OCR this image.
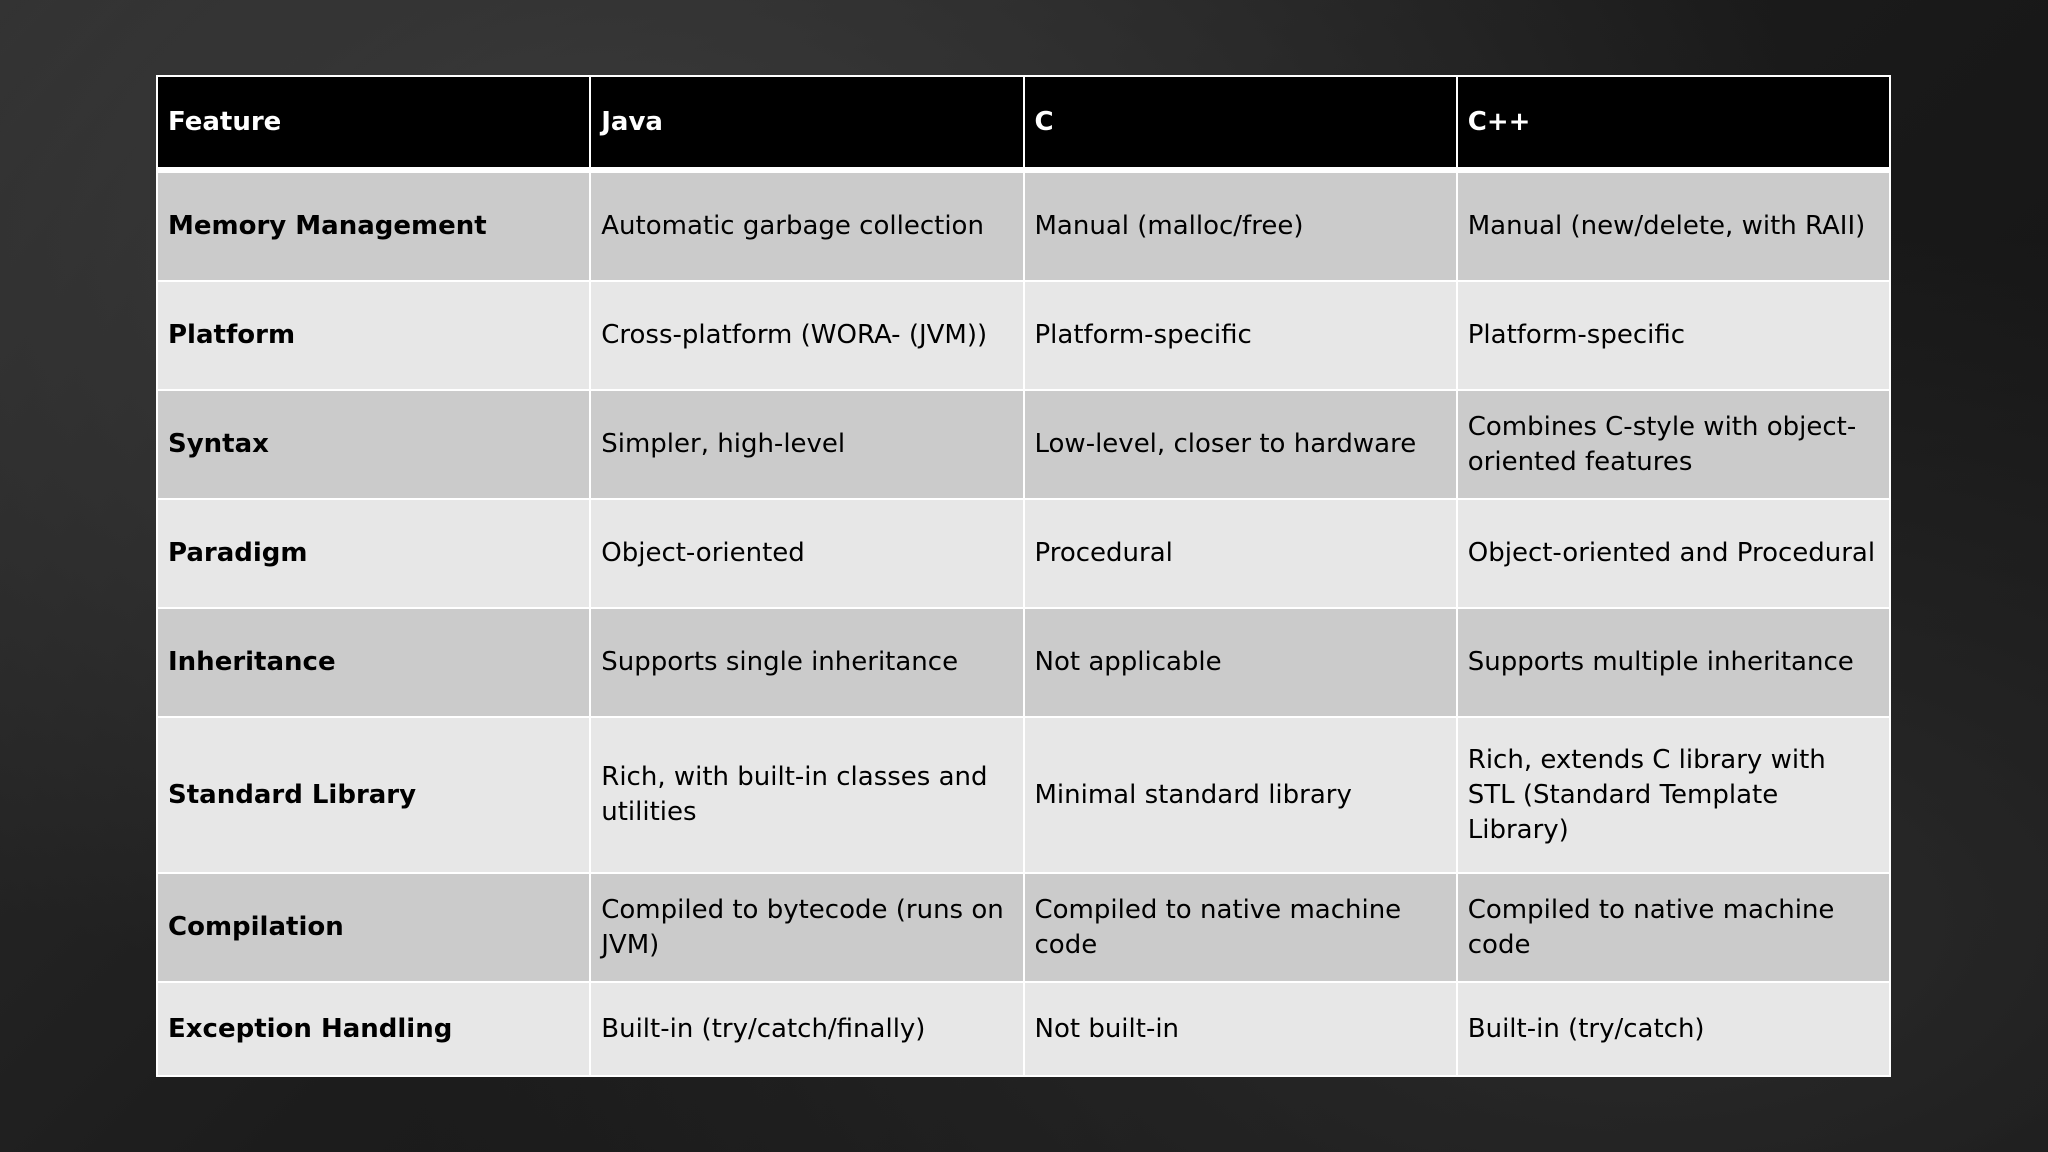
Feature	Java	C	C++
Memory Management	Automatic garbage collection	Manual (malloc/free)	Manual (new/delete, with RAII)
Platform	Cross-platform (WORA- (JVM))	Platform-specific	Platform-specific
Syntax	Simpler, high-level	Low-level, closer to hardware	Combines C-style with object-oriented features
Paradigm	Object-oriented	Procedural	Object-oriented and Procedural
Inheritance	Supports single inheritance	Not applicable	Supports multiple inheritance
Standard Library	Rich, with built-in classes and utilities	Minimal standard library	Rich, extends C library with STL (Standard Template Library)
Compilation	Compiled to bytecode (runs on JVM)	Compiled to native machine code	Compiled to native machine code
Exception Handling	Built-in (try/catch/finally)	Not built-in	Built-in (try/catch)
